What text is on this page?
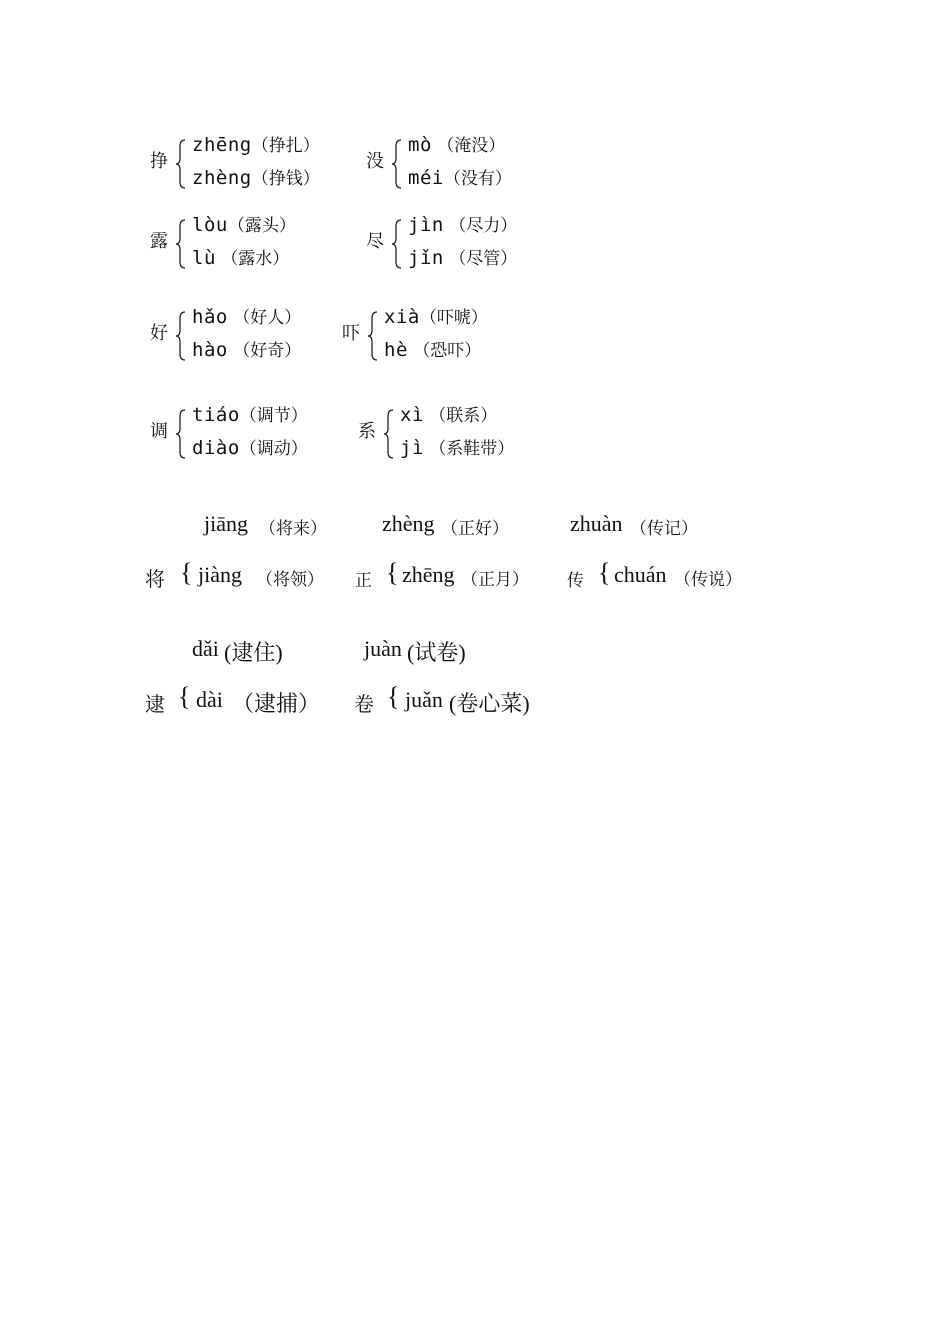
挣
zhēng（挣扎）
zhèng（挣钱）
没
mò （淹没）
méi（没有）
露
lòu（露头）
lù （露水）
尽
jìn （尽力）
jǐn （尽管）
好
hǎo （好人）
hào （好奇）
吓
xià（吓唬）
hè （恐吓）
调
tiáo（调节）
diào（调动）
系
xì （联系）
jì （系鞋带）
jiāng （将来）
将 { jiàng （将领）
zhèng （正好）
正 { zhēng （正月）
zhuàn （传记）
传 { chuán （传说）
dǎi (逮住)
逮 { dài （逮捕）
juàn (试卷)
卷 { juǎn (卷心菜)
